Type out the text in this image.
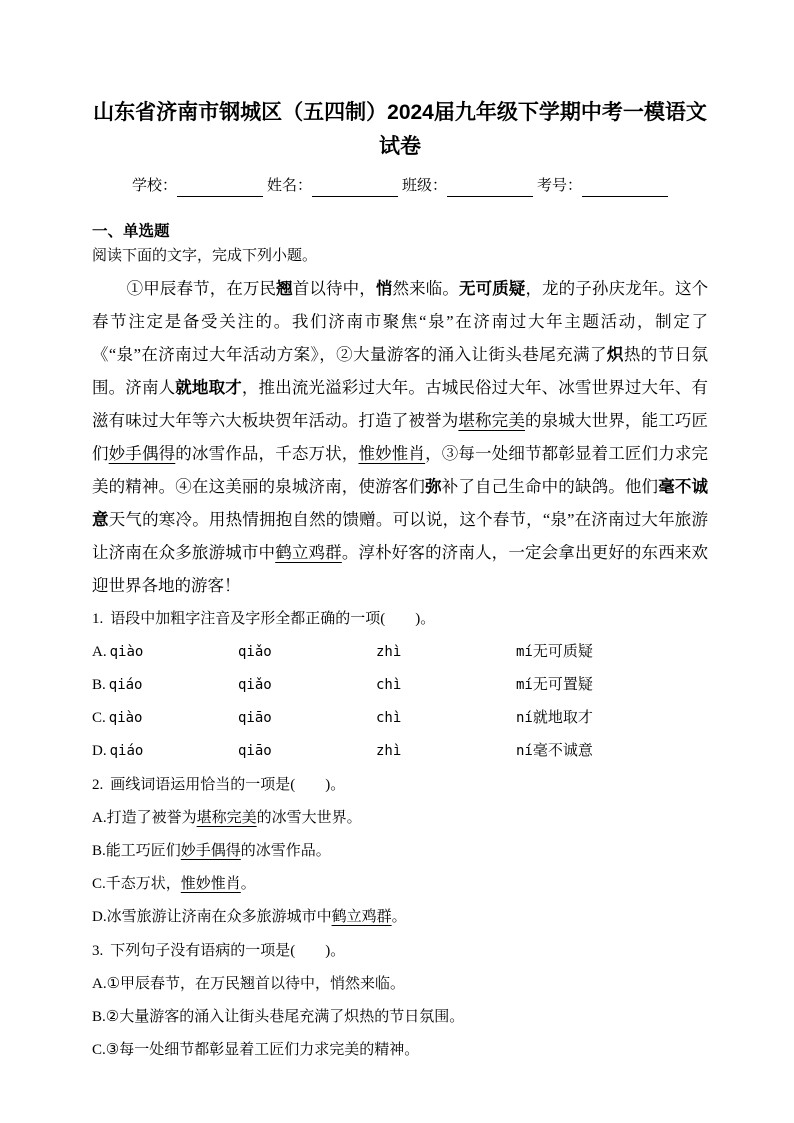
山东省济南市钢城区（五四制）2024届九年级下学期中考一模语文试卷
学校：	姓名：	班级：	考号：
一、单选题
阅读下面的文字，完成下列小题。

①甲辰春节，在万民翘首以待中，悄然来临。无可质疑，龙的子孙庆龙年。这个春节注定是备受关注的。我们济南市聚焦“泉”在济南过大年主题活动，制定了《“泉”在济南过大年活动方案》，②大量游客的涌入让街头巷尾充满了炽热的节日氛围。济南人就地取才，推出流光溢彩过大年。古城民俗过大年、冰雪世界过大年、有滋有味过大年等六大板块贺年活动。打造了被誉为堪称完美的泉城大世界，能工巧匠们妙手偶得的冰雪作品，千态万状，惟妙惟肖，③每一处细节都彰显着工匠们力求完美的精神。④在这美丽的泉城济南，使游客们弥补了自己生命中的缺鸽。他们毫不诚意天气的寒冷。用热情拥抱自然的馈赠。可以说，这个春节，“泉”在济南过大年旅游让济南在众多旅游城市中鹤立鸡群。淳朴好客的济南人，一定会拿出更好的东西来欢迎世界各地的游客！

1. 语段中加粗字注音及字形全都正确的一项(　　)。
A. qiào	qiǎo	zhì	mí无可质疑
B. qiáo	qiǎo	chì	mí无可置疑
C. qiào	qiāo	chì	ní就地取才
D. qiáo	qiāo	zhì	ní毫不诚意
2. 画线词语运用恰当的一项是(　　)。
A.打造了被誉为堪称完美的冰雪大世界。
B.能工巧匠们妙手偶得的冰雪作品。
C.千态万状，惟妙惟肖。
D.冰雪旅游让济南在众多旅游城市中鹤立鸡群。
3. 下列句子没有语病的一项是(　　)。
A.①甲辰春节，在万民翘首以待中，悄然来临。
B.②大量游客的涌入让街头巷尾充满了炽热的节日氛围。
C.③每一处细节都彰显着工匠们力求完美的精神。
